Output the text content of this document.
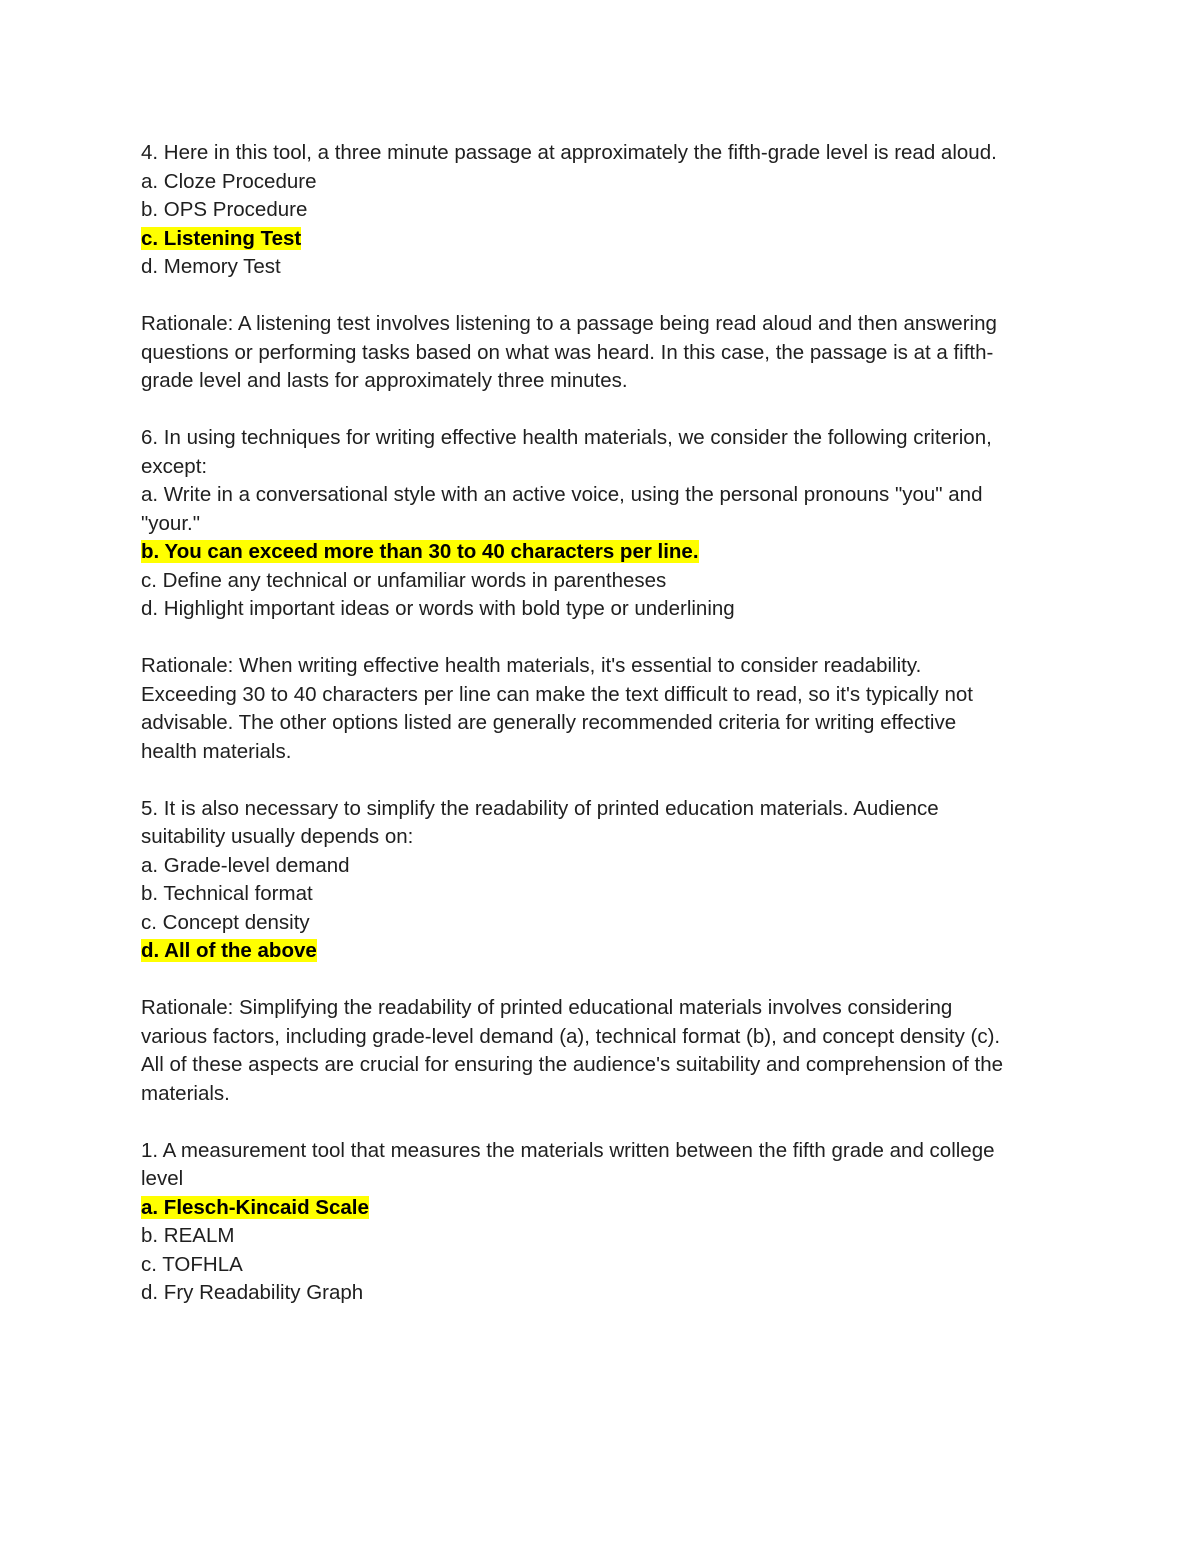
4. Here in this tool, a three minute passage at approximately the fifth-grade level is read aloud.
a. Cloze Procedure
b. OPS Procedure
c. Listening Test
d. Memory Test
Rationale: A listening test involves listening to a passage being read aloud and then answering
questions or performing tasks based on what was heard. In this case, the passage is at a fifth-
grade level and lasts for approximately three minutes.
6. In using techniques for writing effective health materials, we consider the following criterion,
except:
a. Write in a conversational style with an active voice, using the personal pronouns "you" and
"your."
b. You can exceed more than 30 to 40 characters per line.
c. Define any technical or unfamiliar words in parentheses
d. Highlight important ideas or words with bold type or underlining
Rationale: When writing effective health materials, it's essential to consider readability.
Exceeding 30 to 40 characters per line can make the text difficult to read, so it's typically not
advisable. The other options listed are generally recommended criteria for writing effective
health materials.
5. It is also necessary to simplify the readability of printed education materials. Audience
suitability usually depends on:
a. Grade-level demand
b. Technical format
c. Concept density
d. All of the above
Rationale: Simplifying the readability of printed educational materials involves considering
various factors, including grade-level demand (a), technical format (b), and concept density (c).
All of these aspects are crucial for ensuring the audience's suitability and comprehension of the
materials.
1. A measurement tool that measures the materials written between the fifth grade and college
level
a. Flesch-Kincaid Scale
b. REALM
c. TOFHLA
d. Fry Readability Graph
